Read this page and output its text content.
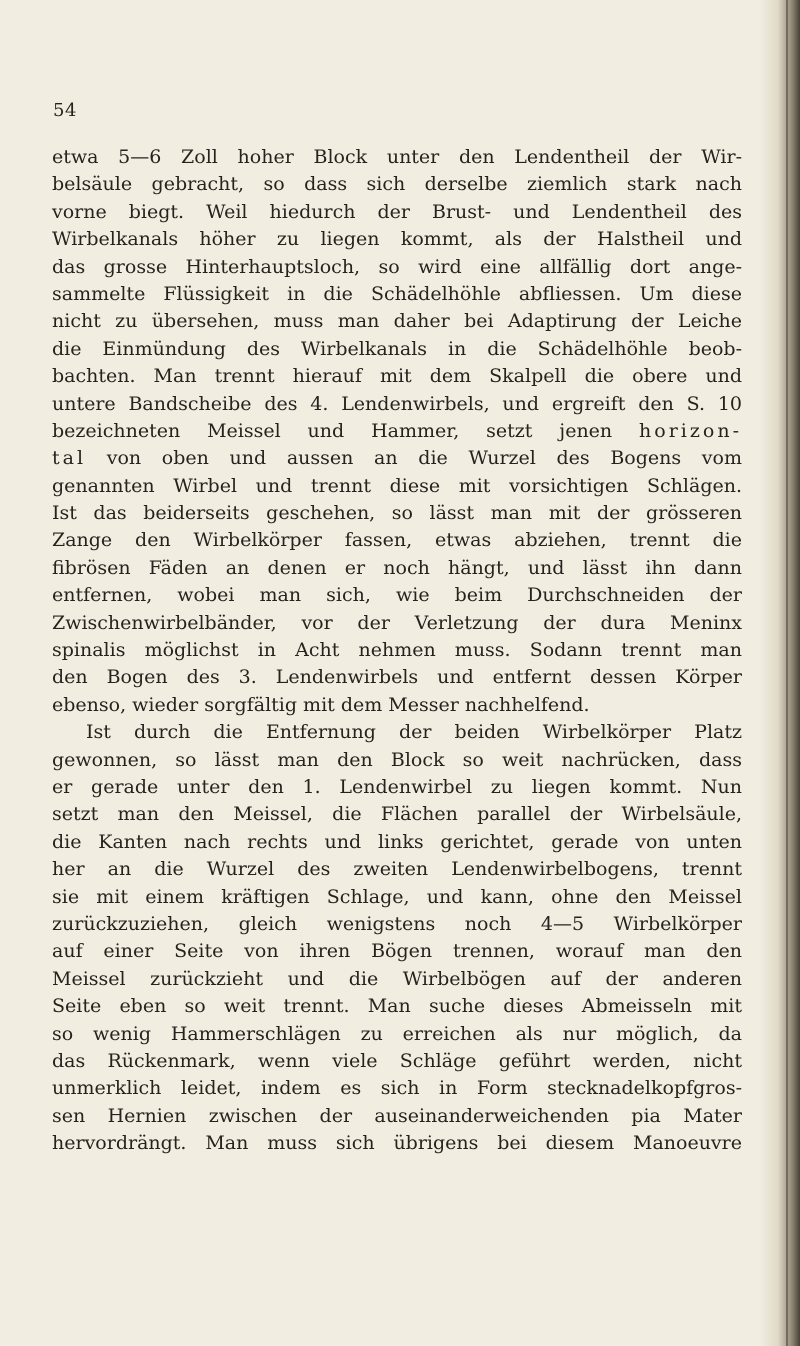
54
etwa 5—6 Zoll hoher Block unter den Lendentheil der Wir-
belsäule gebracht, so dass sich derselbe ziemlich stark nach
vorne biegt. Weil hiedurch der Brust- und Lendentheil des
Wirbelkanals höher zu liegen kommt, als der Halstheil und
das grosse Hinterhauptsloch, so wird eine allfällig dort ange-
sammelte Flüssigkeit in die Schädelhöhle abfliessen. Um diese
nicht zu übersehen, muss man daher bei Adaptirung der Leiche
die Einmündung des Wirbelkanals in die Schädelhöhle beob-
bachten. Man trennt hierauf mit dem Skalpell die obere und
untere Bandscheibe des 4. Lendenwirbels, und ergreift den S. 10
bezeichneten Meissel und Hammer, setzt jenen horizon-
tal von oben und aussen an die Wurzel des Bogens vom
genannten Wirbel und trennt diese mit vorsichtigen Schlägen.
Ist das beiderseits geschehen, so lässt man mit der grösseren
Zange den Wirbelkörper fassen, etwas abziehen, trennt die
fibrösen Fäden an denen er noch hängt, und lässt ihn dann
entfernen, wobei man sich, wie beim Durchschneiden der
Zwischenwirbelbänder, vor der Verletzung der dura Meninx
spinalis möglichst in Acht nehmen muss. Sodann trennt man
den Bogen des 3. Lendenwirbels und entfernt dessen Körper
ebenso, wieder sorgfältig mit dem Messer nachhelfend.
Ist durch die Entfernung der beiden Wirbelkörper Platz
gewonnen, so lässt man den Block so weit nachrücken, dass
er gerade unter den 1. Lendenwirbel zu liegen kommt. Nun
setzt man den Meissel, die Flächen parallel der Wirbelsäule,
die Kanten nach rechts und links gerichtet, gerade von unten
her an die Wurzel des zweiten Lendenwirbelbogens, trennt
sie mit einem kräftigen Schlage, und kann, ohne den Meissel
zurückzuziehen, gleich wenigstens noch 4—5 Wirbelkörper
auf einer Seite von ihren Bögen trennen, worauf man den
Meissel zurückzieht und die Wirbelbögen auf der anderen
Seite eben so weit trennt. Man suche dieses Abmeisseln mit
so wenig Hammerschlägen zu erreichen als nur möglich, da
das Rückenmark, wenn viele Schläge geführt werden, nicht
unmerklich leidet, indem es sich in Form stecknadelkopfgros-
sen Hernien zwischen der auseinanderweichenden pia Mater
hervordrängt. Man muss sich übrigens bei diesem Manoeuvre
